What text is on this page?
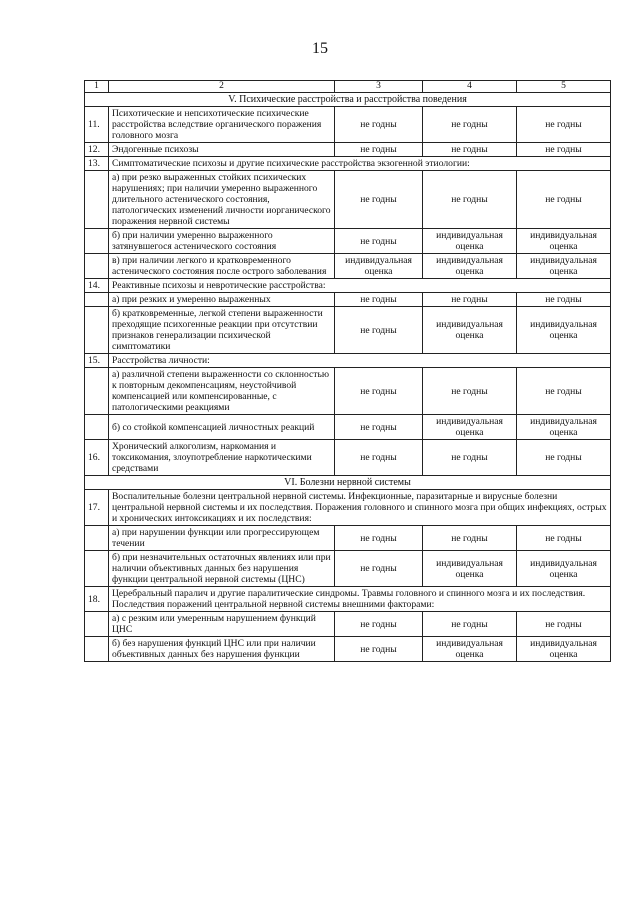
15
1	2	3	4	5
V. Психические расстройства и расстройства поведения				
11.	Психотические и непсихотические психические расстройства вследствие органического поражения головного мозга	не годны	не годны	не годны
12.	Эндогенные психозы	не годны	не годны	не годны
13.	Симптоматические психозы и другие психические расстройства экзогенной этиологии:			
	а) при резко выраженных стойких психических нарушениях; при наличии умеренно выраженного длительного астенического состояния, патологических изменений личности иорганического поражения нервной системы	не годны	не годны	не годны
	б) при наличии умеренно выраженного затянувшегося астенического состояния	не годны	индивидуальная оценка	индивидуальная оценка
	в) при наличии легкого и кратковременного астенического состояния после острого заболевания	индивидуальная оценка	индивидуальная оценка	индивидуальная оценка
14.	Реактивные психозы и невротические расстройства:			
	а) при резких и умеренно выраженных	не годны	не годны	не годны
	б) кратковременные, легкой степени выраженности преходящие психогенные реакции при отсутствии признаков генерализации психической симптоматики	не годны	индивидуальная оценка	индивидуальная оценка
15.	Расстройства личности:			
	а) различной степени выраженности со склонностью к повторным декомпенсациям, неустойчивой компенсацией или компенсированные, с патологическими реакциями	не годны	не годны	не годны
	б) со стойкой компенсацией личностных реакций	не годны	индивидуальная оценка	индивидуальная оценка
16.	Хронический алкоголизм, наркомания и токсикомания, злоупотребление наркотическими средствами	не годны	не годны	не годны
VI. Болезни нервной системы				
17.	Воспалительные болезни центральной нервной системы. Инфекционные, паразитарные и вирусные болезни центральной нервной системы и их последствия. Поражения головного и спинного мозга при общих инфекциях, острых и хронических интоксикациях и их последствия:			
	а) при нарушении функции или прогрессирующем течении	не годны	не годны	не годны
	б) при незначительных остаточных явлениях или при наличии объективных данных без нарушения функции центральной нервной системы (ЦНС)	не годны	индивидуальная оценка	индивидуальная оценка
18.	Церебральный паралич и другие паралитические синдромы. Травмы головного и спинного мозга и их последствия. Последствия поражений центральной нервной системы внешними факторами:			
	а) с резким или умеренным нарушением функций ЦНС	не годны	не годны	не годны
	б) без нарушения функций ЦНС или при наличии объективных данных без нарушения функции	не годны	индивидуальная оценка	индивидуальная оценка
